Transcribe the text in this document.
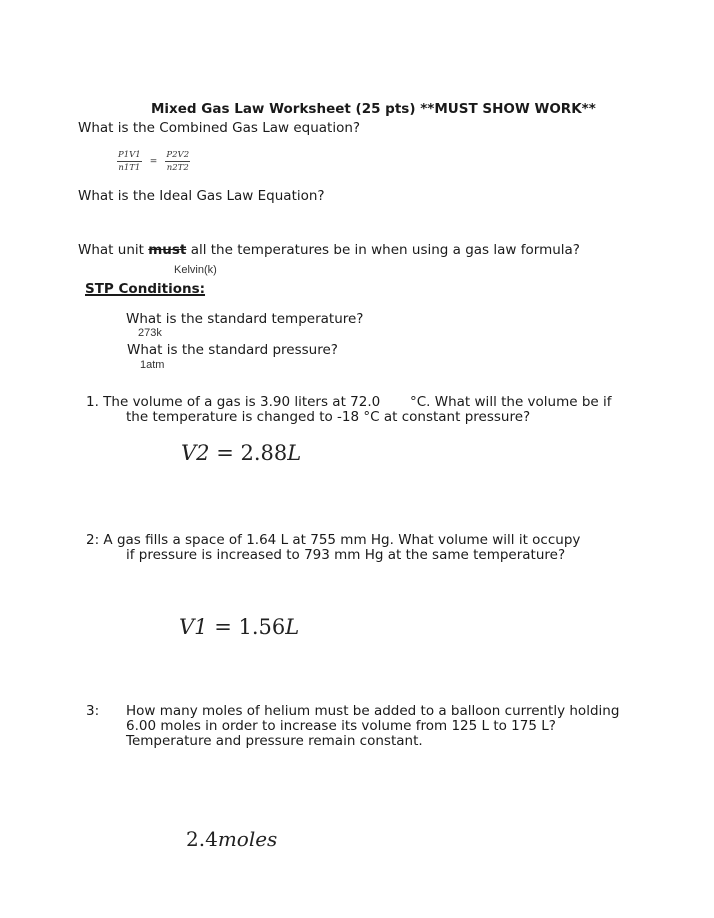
Mixed Gas Law Worksheet (25 pts) **MUST SHOW WORK**
What is the Combined Gas Law equation?
$\frac{P1V1}{n1T1} = \frac{P2V2}{n2T2}$
What is the Ideal Gas Law Equation?
What unit must all the temperatures be in when using a gas law formula?
Kelvin(k)
STP Conditions:
What is the standard temperature?
273k
What is the standard pressure?
1atm
1. The volume of a gas is 3.90 liters at 72.0 °C. What will the volume be if
the temperature is changed to -18 °C at constant pressure?
V2 = 2.88L
2: A gas fills a space of 1.64 L at 755 mm Hg. What volume will it occupy
if pressure is increased to 793 mm Hg at the same temperature?
V1 = 1.56L
3: How many moles of helium must be added to a balloon currently holding
6.00 moles in order to increase its volume from 125 L to 175 L?
Temperature and pressure remain constant.
2.4moles
